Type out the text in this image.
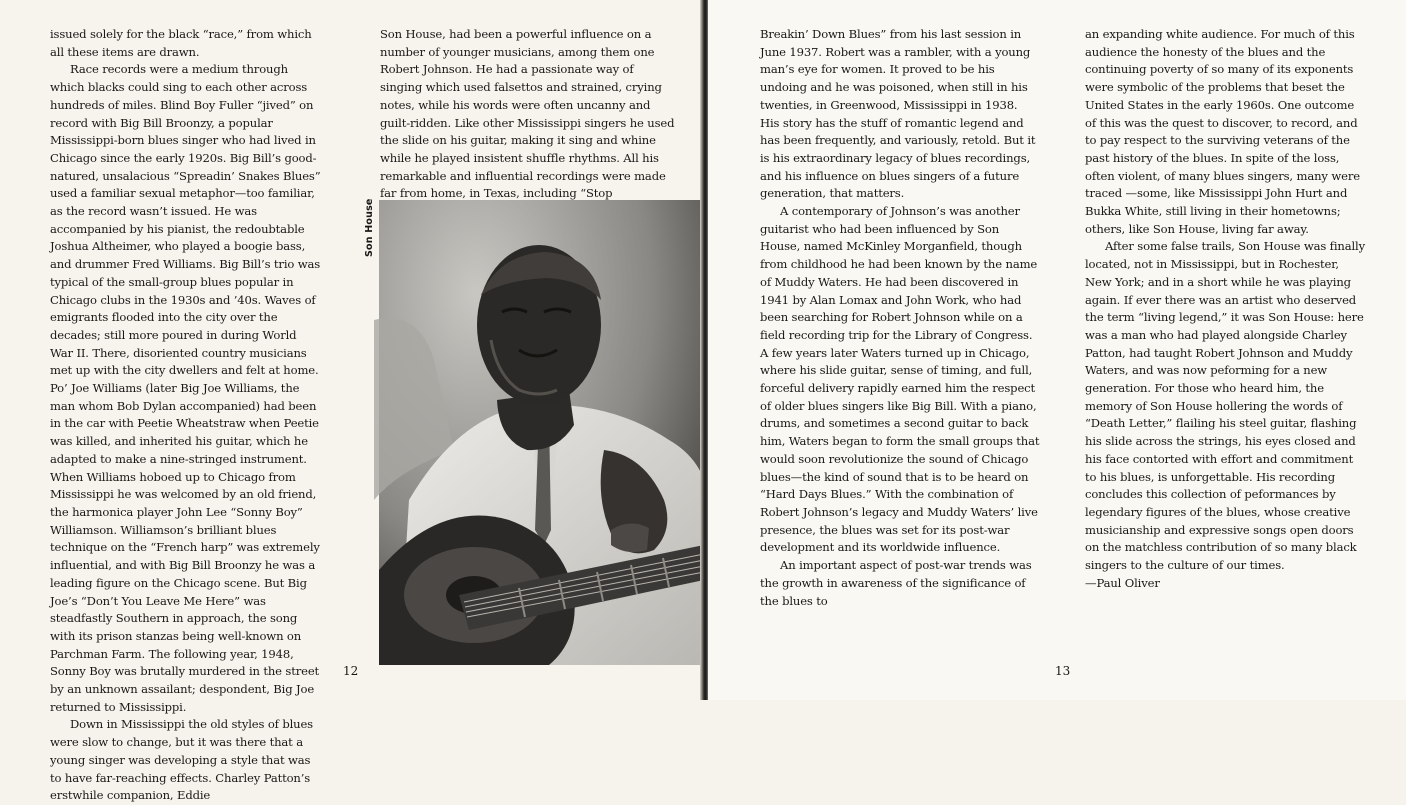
issued solely for the black “race,” from which all these items are drawn.

Race records were a medium through which blacks could sing to each other across hundreds of miles. Blind Boy Fuller “jived” on record with Big Bill Broonzy, a popular Mississippi-born blues singer who had lived in Chicago since the early 1920s. Big Bill’s good-natured, unsalacious “Spreadin’ Snakes Blues” used a familiar sexual metaphor—too familiar, as the record wasn’t issued. He was accompanied by his pianist, the redoubtable Joshua Altheimer, who played a boogie bass, and drummer Fred Williams. Big Bill’s trio was typical of the small-group blues popular in Chicago clubs in the 1930s and ’40s. Waves of emigrants flooded into the city over the decades; still more poured in during World War II. There, disoriented country musicians met up with the city dwellers and felt at home. Po’ Joe Williams (later Big Joe Williams, the man whom Bob Dylan accompanied) had been in the car with Peetie Wheatstraw when Peetie was killed, and inherited his guitar, which he adapted to make a nine-stringed instrument. When Williams hoboed up to Chicago from Mississippi he was welcomed by an old friend, the harmonica player John Lee “Sonny Boy” Williamson. Williamson’s brilliant blues technique on the “French harp” was extremely influential, and with Big Bill Broonzy he was a leading figure on the Chicago scene. But Big Joe’s “Don’t You Leave Me Here” was steadfastly Southern in approach, the song with its prison stanzas being well-known on Parchman Farm. The following year, 1948, Sonny Boy was brutally murdered in the street by an unknown assailant; despondent, Big Joe returned to Mississippi.

Down in Mississippi the old styles of blues were slow to change, but it was there that a young singer was developing a style that was to have far-reaching effects. Charley Patton’s erstwhile companion, Eddie

Son House, had been a powerful influence on a number of younger musicians, among them one Robert Johnson. He had a passionate way of singing which used falsettos and strained, crying notes, while his words were often uncanny and guilt-ridden. Like other Mississippi singers he used the slide on his guitar, making it sing and whine while he played insistent shuffle rhythms. All his remarkable and influential recordings were made far from home, in Texas, including “Stop

Son House
12

Breakin’ Down Blues” from his last session in June 1937. Robert was a rambler, with a young man’s eye for women. It proved to be his undoing and he was poisoned, when still in his twenties, in Greenwood, Mississippi in 1938. His story has the stuff of romantic legend and has been frequently, and variously, retold. But it is his extraordinary legacy of blues recordings, and his influence on blues singers of a future generation, that matters.

A contemporary of Johnson’s was another guitarist who had been influenced by Son House, named McKinley Morganfield, though from childhood he had been known by the name of Muddy Waters. He had been discovered in 1941 by Alan Lomax and John Work, who had been searching for Robert Johnson while on a field recording trip for the Library of Congress. A few years later Waters turned up in Chicago, where his slide guitar, sense of timing, and full, forceful delivery rapidly earned him the respect of older blues singers like Big Bill. With a piano, drums, and sometimes a second guitar to back him, Waters began to form the small groups that would soon revolutionize the sound of Chicago blues—the kind of sound that is to be heard on “Hard Days Blues.” With the combination of Robert Johnson’s legacy and Muddy Waters’ live presence, the blues was set for its post-war development and its worldwide influence.

An important aspect of post-war trends was the growth in awareness of the significance of the blues to

an expanding white audience. For much of this audience the honesty of the blues and the continuing poverty of so many of its exponents were symbolic of the problems that beset the United States in the early 1960s. One outcome of this was the quest to discover, to record, and to pay respect to the surviving veterans of the past history of the blues. In spite of the loss, often violent, of many blues singers, many were traced —some, like Mississippi John Hurt and Bukka White, still living in their hometowns; others, like Son House, living far away.

After some false trails, Son House was finally located, not in Mississippi, but in Rochester, New York; and in a short while he was playing again. If ever there was an artist who deserved the term “living legend,” it was Son House: here was a man who had played alongside Charley Patton, had taught Robert Johnson and Muddy Waters, and was now peforming for a new generation. For those who heard him, the memory of Son House hollering the words of “Death Letter,” flailing his steel guitar, flashing his slide across the strings, his eyes closed and his face contorted with effort and commitment to his blues, is unforgettable. His recording concludes this collection of peformances by legendary figures of the blues, whose creative musicianship and expressive songs open doors on the matchless contribution of so many black singers to the culture of our times.

—Paul Oliver

13
